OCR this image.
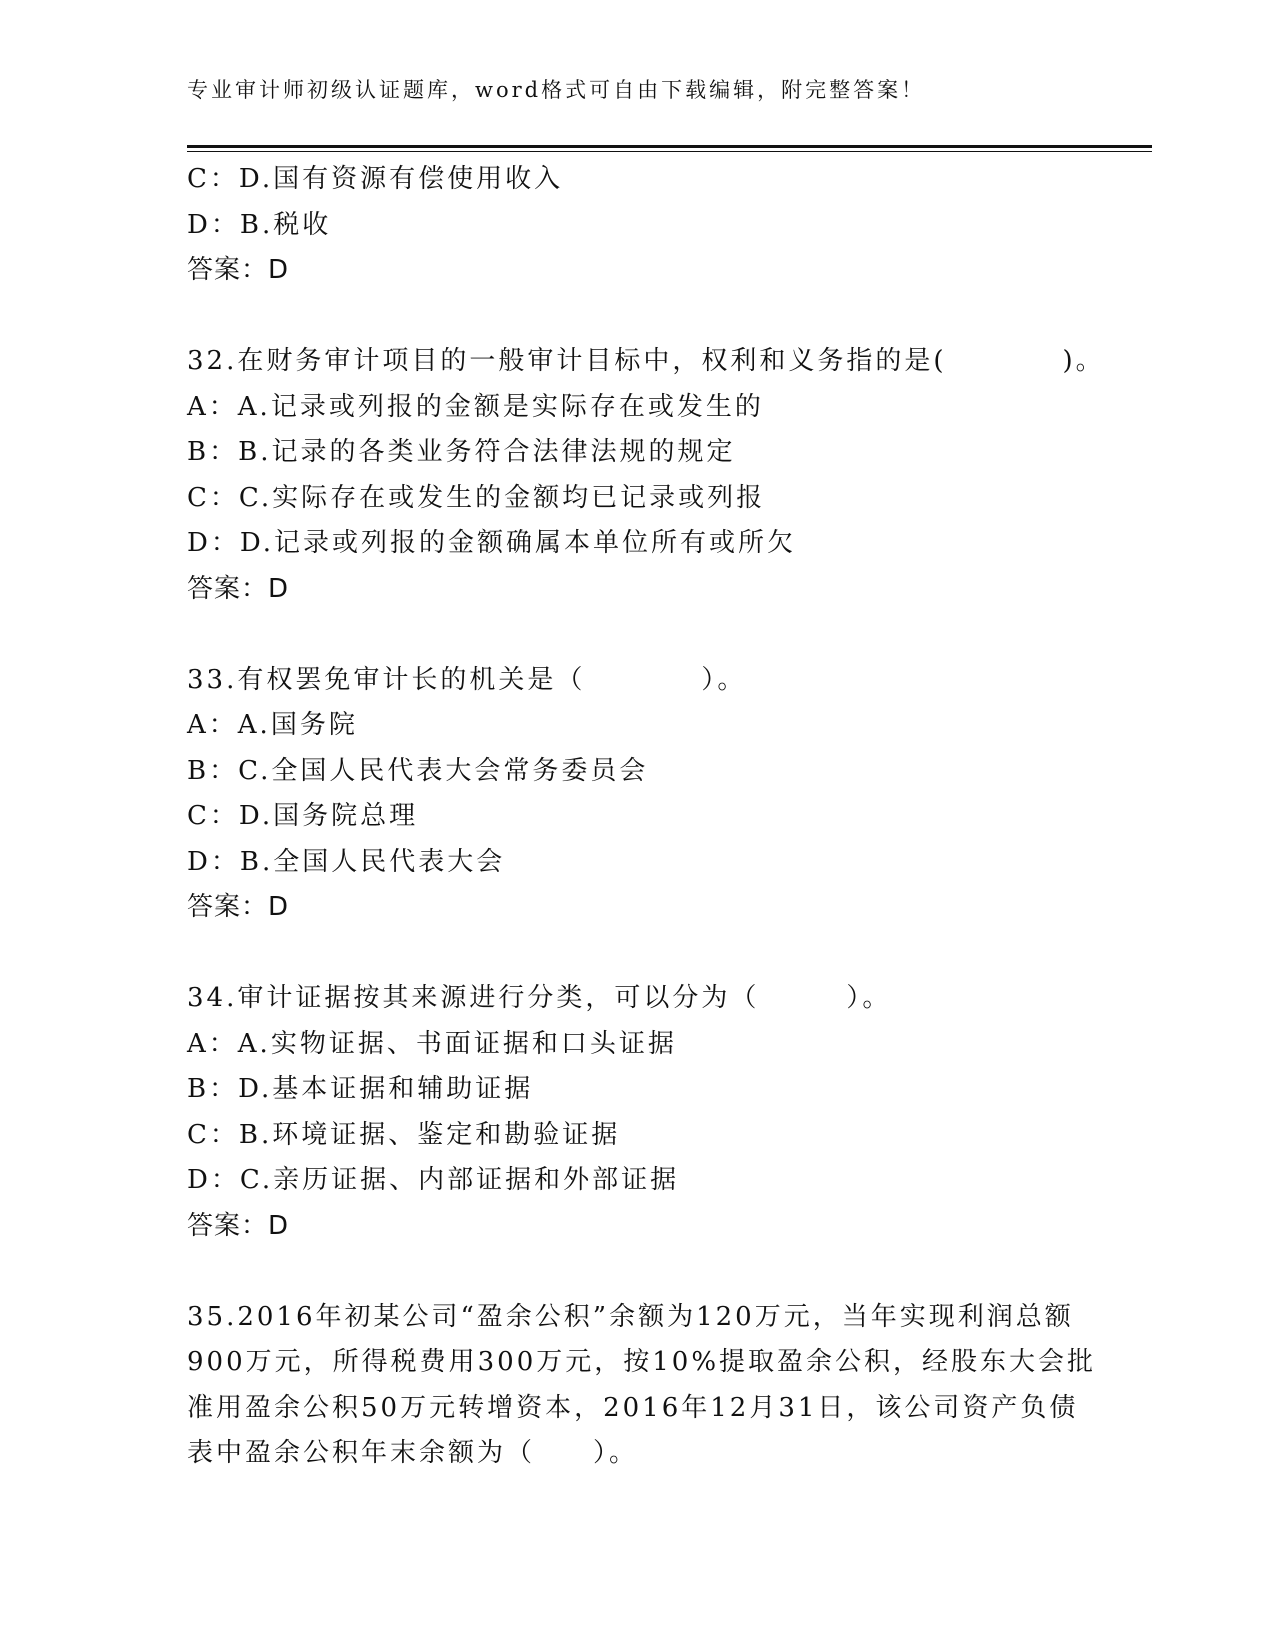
专业审计师初级认证题库，word格式可自由下载编辑，附完整答案！
C：D.国有资源有偿使用收入
D：B.税收
答案：D
32.在财务审计项目的一般审计目标中，权利和义务指的是(　　　　)。
A：A.记录或列报的金额是实际存在或发生的
B：B.记录的各类业务符合法律法规的规定
C：C.实际存在或发生的金额均已记录或列报
D：D.记录或列报的金额确属本单位所有或所欠
答案：D
33.有权罢免审计长的机关是（　　　　）。
A：A.国务院
B：C.全国人民代表大会常务委员会
C：D.国务院总理
D：B.全国人民代表大会
答案：D
34.审计证据按其来源进行分类，可以分为（　　　）。
A：A.实物证据、书面证据和口头证据
B：D.基本证据和辅助证据
C：B.环境证据、鉴定和勘验证据
D：C.亲历证据、内部证据和外部证据
答案：D
35.2016年初某公司“盈余公积”余额为120万元，当年实现利润总额
900万元，所得税费用300万元，按10%提取盈余公积，经股东大会批
准用盈余公积50万元转增资本，2016年12月31日，该公司资产负债
表中盈余公积年末余额为（　　）。
